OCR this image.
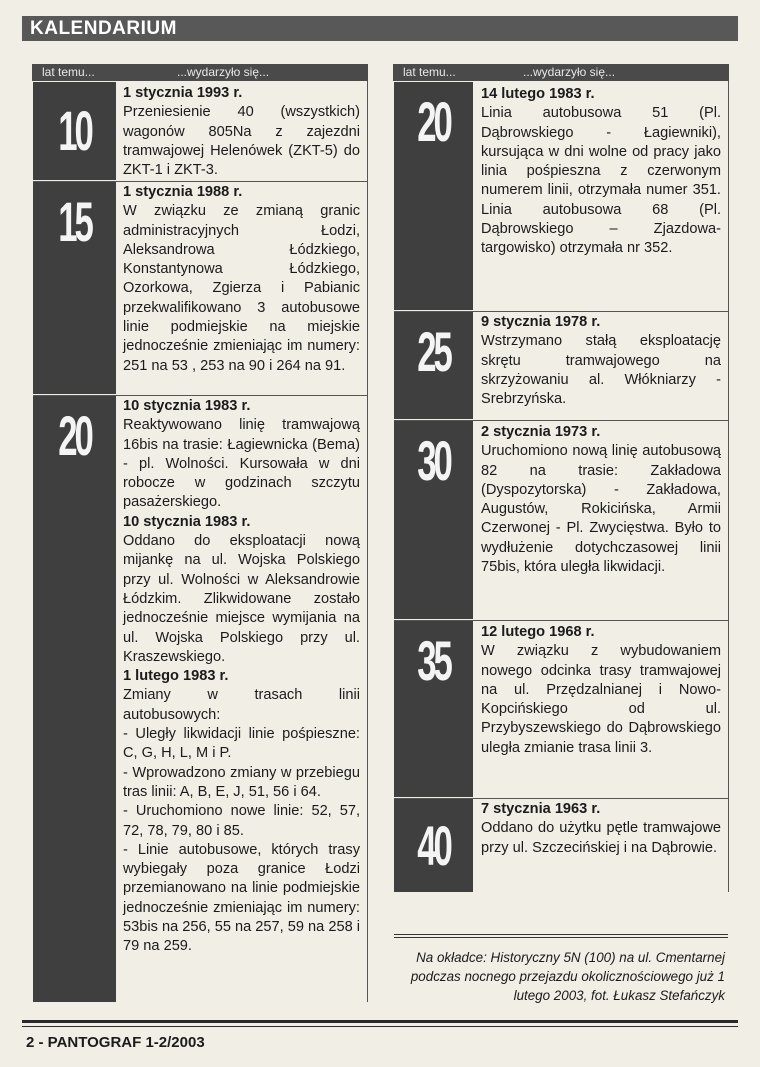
KALENDARIUM
lat temu...	...wydarzyło się...	lat temu...	...wydarzyło się...
10
1 stycznia 1993 r.
Przeniesienie 40 (wszystkich) wagonów 805Na z zajezdni tramwajowej Helenówek (ZKT-5) do ZKT-1 i ZKT-3.
15	1 stycznia 1988 r.
W związku ze zmianą granic administracyjnych Łodzi, Aleksandrowa Łódzkiego, Konstantynowa Łódzkiego, Ozorkowa, Zgierza i Pabianic przekwalifikowano 3 autobusowe linie podmiejskie na miejskie jednocześnie zmieniając im numery: 251 na 53 , 253 na 90 i 264 na 91.
20	10 stycznia 1983 r.
Reaktywowano linię tramwajową 16bis na trasie: Łagiewnicka (Bema) - pl. Wolności. Kursowała w dni robocze w godzinach szczytu pasażerskiego.
10 stycznia 1983 r.
Oddano do eksploatacji nową mijankę na ul. Wojska Polskiego przy ul. Wolności w Aleksandrowie Łódzkim. Zlikwidowane zostało jednocześnie miejsce wymijania na ul. Wojska Polskiego przy ul. Kraszewskiego.
1 lutego 1983 r.
Zmiany w trasach linii autobusowych:
- Uległy likwidacji linie pośpieszne: C, G, H, L, M i P.
- Wprowadzono zmiany w przebiegu tras linii: A, B, E, J, 51, 56 i 64.
- Uruchomiono nowe linie: 52, 57, 72, 78, 79, 80 i 85.
- Linie autobusowe, których trasy wybiegały poza granice Łodzi przemianowano na linie podmiejskie jednocześnie zmieniając im numery: 53bis na 256, 55 na 257, 59 na 258 i 79 na 259.
20	14 lutego 1983 r.
Linia autobusowa 51 (Pl. Dąbrowskiego - Łagiewniki), kursująca w dni wolne od pracy jako linia pośpieszna z czerwonym numerem linii, otrzymała numer 351. Linia autobusowa 68 (Pl. Dąbrowskiego – Zjazdowa-targowisko) otrzymała nr 352.
25	9 stycznia 1978 r.
Wstrzymano stałą eksploatację skrętu tramwajowego na skrzyżowaniu al. Włókniarzy - Srebrzyńska.
30	2 stycznia 1973 r.
Uruchomiono nową linię autobusową 82 na trasie: Zakładowa (Dyspozytorska) - Zakładowa, Augustów, Rokicińska, Armii Czerwonej - Pl. Zwycięstwa. Było to wydłużenie dotychczasowej linii 75bis, która uległa likwidacji.
35	12 lutego 1968 r.
W związku z wybudowaniem nowego odcinka trasy tramwajowej na ul. Przędzalnianej i Nowo-Kopcińskiego od ul. Przybyszewskiego do Dąbrowskiego uległa zmianie trasa linii 3.
40
7 stycznia 1963 r.
Oddano do użytku pętle tramwajowe przy ul. Szczecińskiej i na Dąbrowie.
Na okładce: Historyczny 5N (100) na ul. Cmentarnej podczas nocnego przejazdu okolicznościowego już 1 lutego 2003, fot. Łukasz Stefańczyk
2 - PANTOGRAF 1-2/2003
